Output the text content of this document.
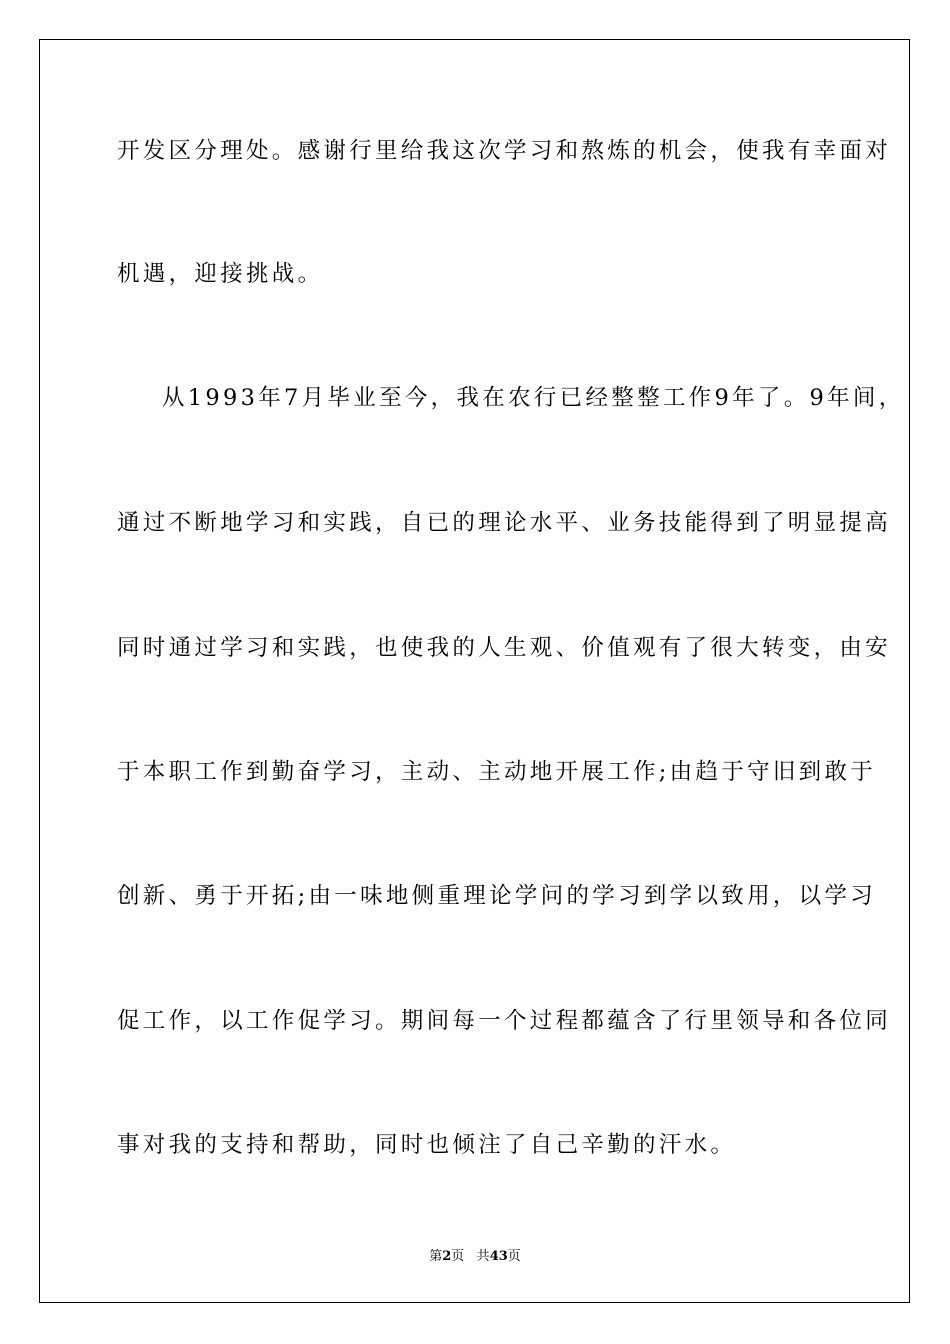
开发区分理处。感谢行里给我这次学习和熬炼的机会，使我有幸面对
机遇，迎接挑战。
从1993年7月毕业至今，我在农行已经整整工作9年了。9年间，
通过不断地学习和实践，自已的理论水平、业务技能得到了明显提高
同时通过学习和实践，也使我的人生观、价值观有了很大转变，由安
于本职工作到勤奋学习，主动、主动地开展工作;由趋于守旧到敢于
创新、勇于开拓;由一味地侧重理论学问的学习到学以致用，以学习
促工作，以工作促学习。期间每一个过程都蕴含了行里领导和各位同
事对我的支持和帮助，同时也倾注了自己辛勤的汗水。
第2页 共43页
